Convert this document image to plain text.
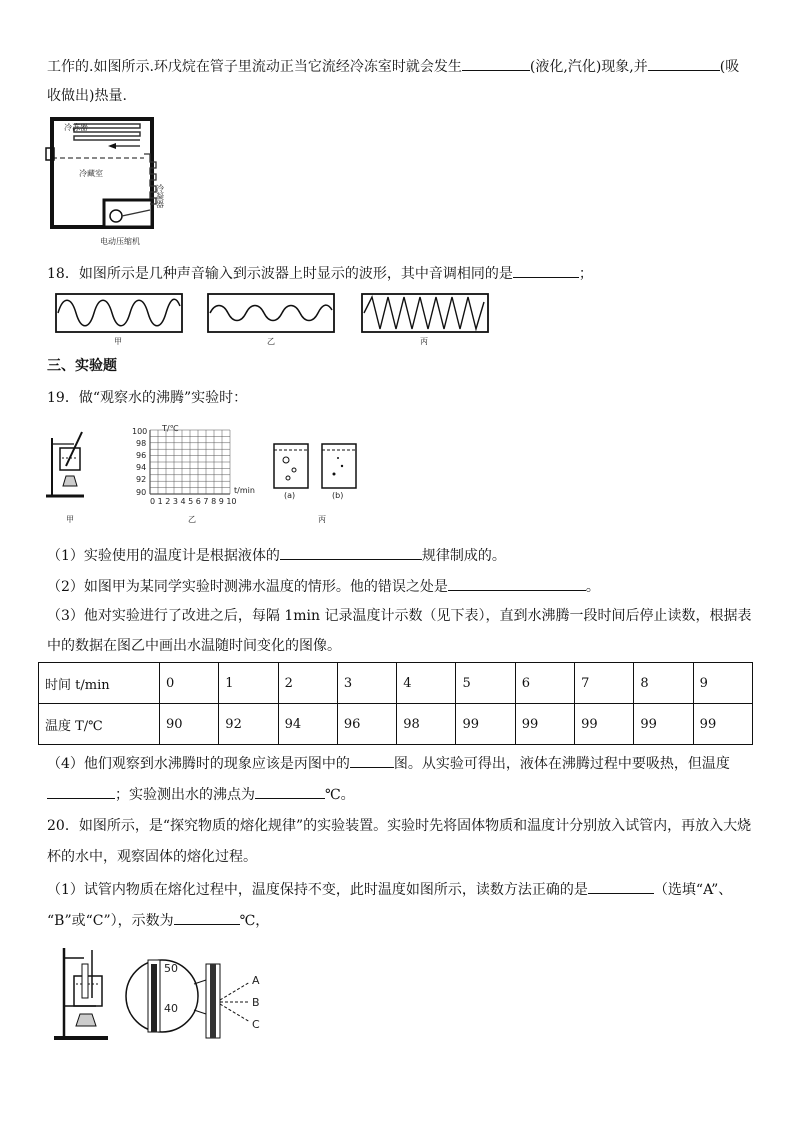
工作的.如图所示.环戊烷在管子里流动正当它流经冷冻室时就会发生	(液化,汽化)现象,并	(吸
收做出)热量.
冷冻器
冷藏室
冷凝器
电动压缩机
18．如图所示是几种声音输入到示波器上时显示的波形，其中音调相同的是	；
甲	乙	丙
三、实验题
19．做“观察水的沸腾”实验时：
甲
T/℃
100
98
96
94
92
90	t/min
0 1 2 3 4 5 6 7 8 9 10
乙
(a)	(b)
丙
（1）实验使用的温度计是根据液体的	规律制成的。
（2）如图甲为某同学实验时测沸水温度的情形。他的错误之处是	。
（3）他对实验进行了改进之后，每隔 1min 记录温度计示数（见下表），直到水沸腾一段时间后停止读数，根据表
中的数据在图乙中画出水温随时间变化的图像。
时间 t/min	0	1	2	3	4	5	6	7	8	9
温度 T/℃	90	92	94	96	98	99	99	99	99	99
（4）他们观察到水沸腾时的现象应该是丙图中的	图。从实验可得出，液体在沸腾过程中要吸热，但温度
；实验测出水的沸点为	℃。
20．如图所示，是“探究物质的熔化规律”的实验装置。实验时先将固体物质和温度计分别放入试管内，再放入大烧
杯的水中，观察固体的熔化过程。
（1）试管内物质在熔化过程中，温度保持不变，此时温度如图所示，读数方法正确的是	（选填“A”、
“B”或“C”），示数为	℃，
50
40
A
B
C
